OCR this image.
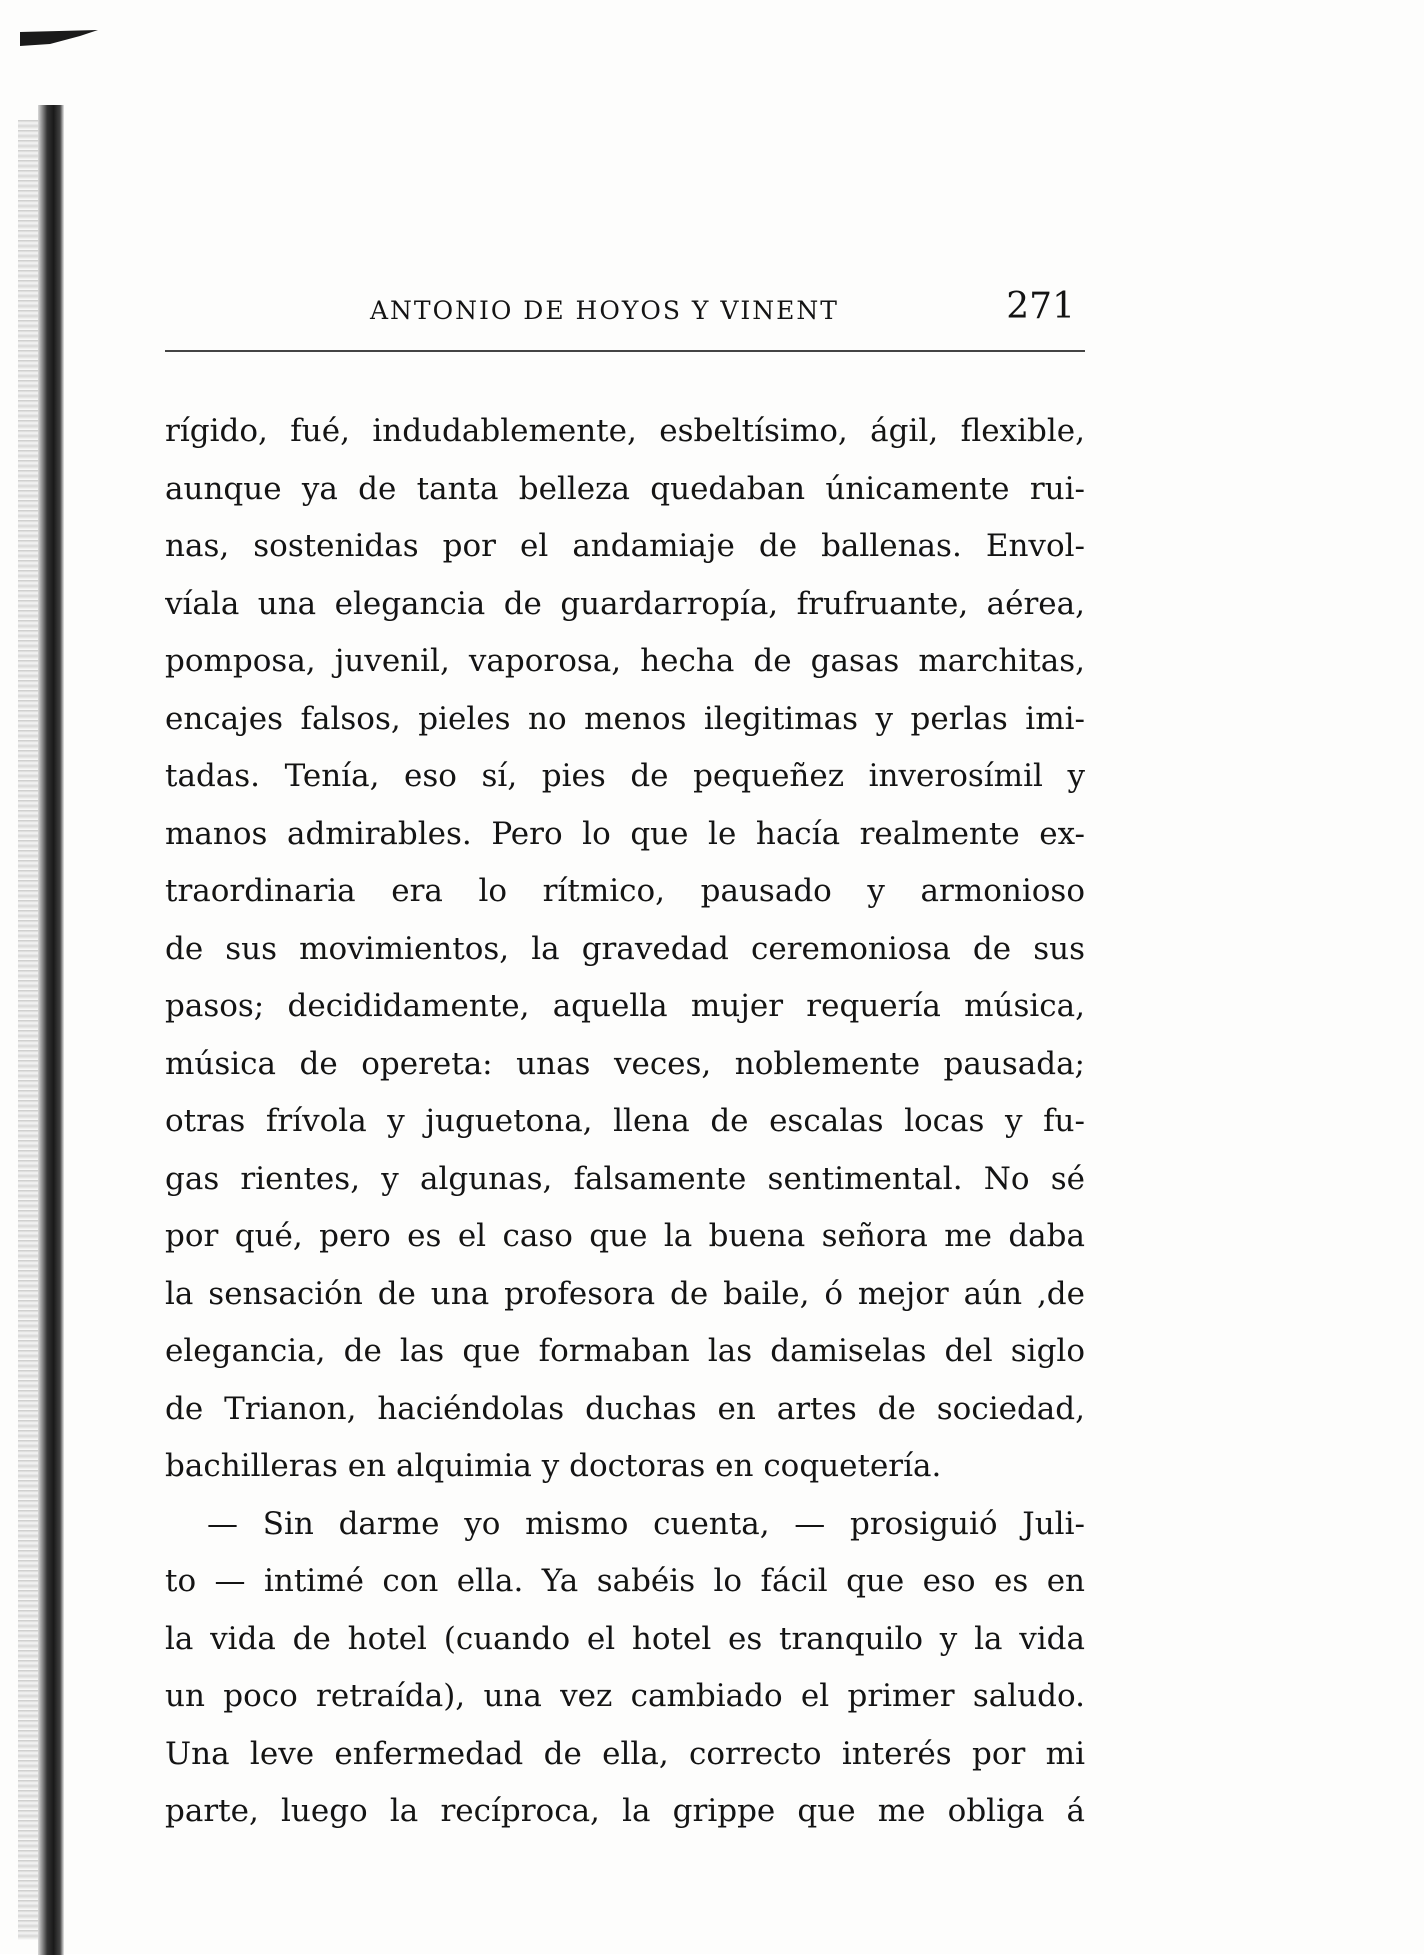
ANTONIO DE HOYOS Y VINENT	271
rígido, fué, indudablemente, esbeltísimo, ágil, flexible,
aunque ya de tanta belleza quedaban únicamente rui-
nas, sostenidas por el andamiaje de ballenas. Envol-
víala una elegancia de guardarropía, frufruante, aérea,
pomposa, juvenil, vaporosa, hecha de gasas marchitas,
encajes falsos, pieles no menos ilegitimas y perlas imi-
tadas. Tenía, eso sí, pies de pequeñez inverosímil y
manos admirables. Pero lo que le hacía realmente ex-
traordinaria era lo rítmico, pausado y armonioso
de sus movimientos, la gravedad ceremoniosa de sus
pasos; decididamente, aquella mujer requería música,
música de opereta: unas veces, noblemente pausada;
otras frívola y juguetona, llena de escalas locas y fu-
gas rientes, y algunas, falsamente sentimental. No sé
por qué, pero es el caso que la buena señora me daba
la sensación de una profesora de baile, ó mejor aún ,de
elegancia, de las que formaban las damiselas del siglo
de Trianon, haciéndolas duchas en artes de sociedad,
bachilleras en alquimia y doctoras en coquetería.
— Sin darme yo mismo cuenta, — prosiguió Juli-
to — intimé con ella. Ya sabéis lo fácil que eso es en
la vida de hotel (cuando el hotel es tranquilo y la vida
un poco retraída), una vez cambiado el primer saludo.
Una leve enfermedad de ella, correcto interés por mi
parte, luego la recíproca, la grippe que me obliga á
